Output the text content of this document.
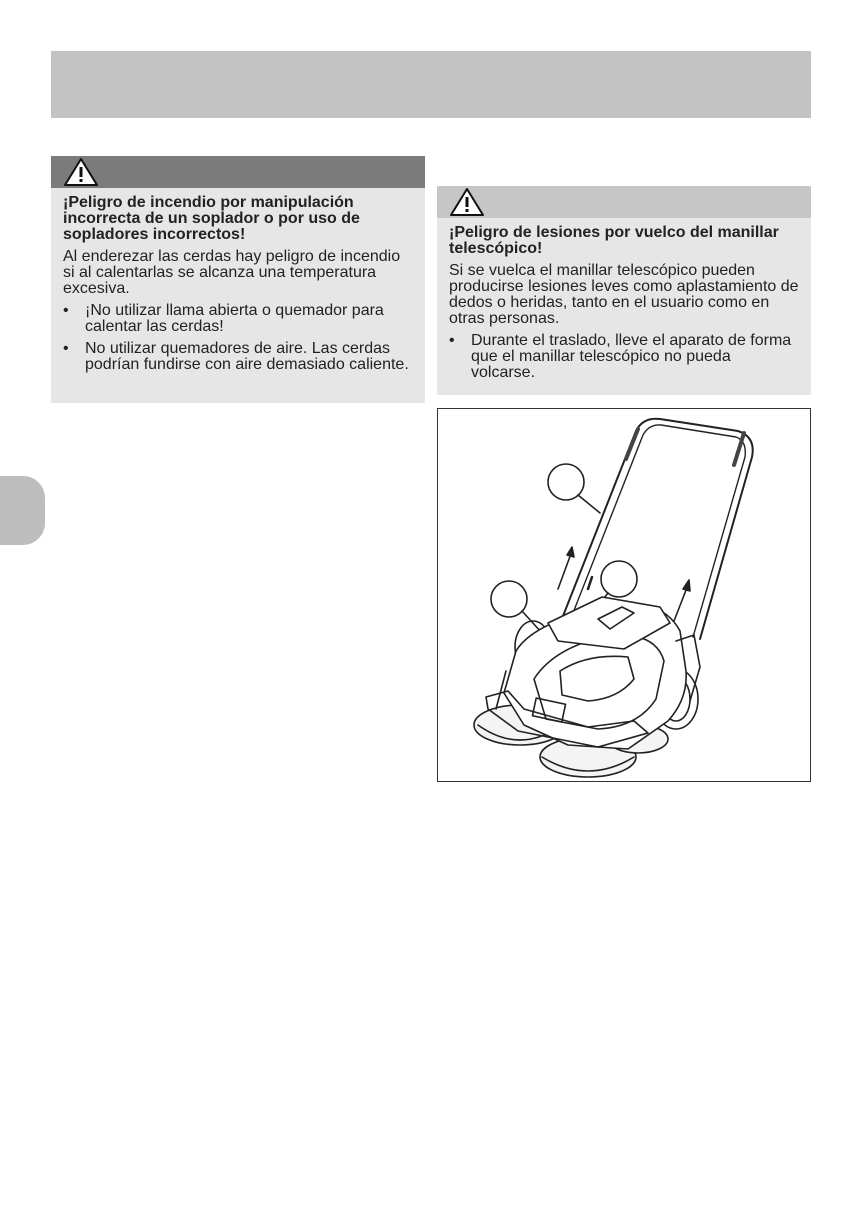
¡Peligro de incendio por manipulación incorrecta de un soplador o por uso de sopladores incorrectos!

Al enderezar las cerdas hay peligro de incendio si al calentarlas se alcanza una temperatura excesiva.

• ¡No utilizar llama abierta o quemador para calentar las cerdas!
• No utilizar quemadores de aire. Las cerdas podrían fundirse con aire demasiado caliente.

¡Peligro de lesiones por vuelco del manillar telescópico!

Si se vuelca el manillar telescópico pueden producirse lesiones leves como aplastamiento de dedos o heridas, tanto en el usuario como en otras personas.

• Durante el traslado, lleve el aparato de forma que el manillar telescópico no pueda volcarse.
